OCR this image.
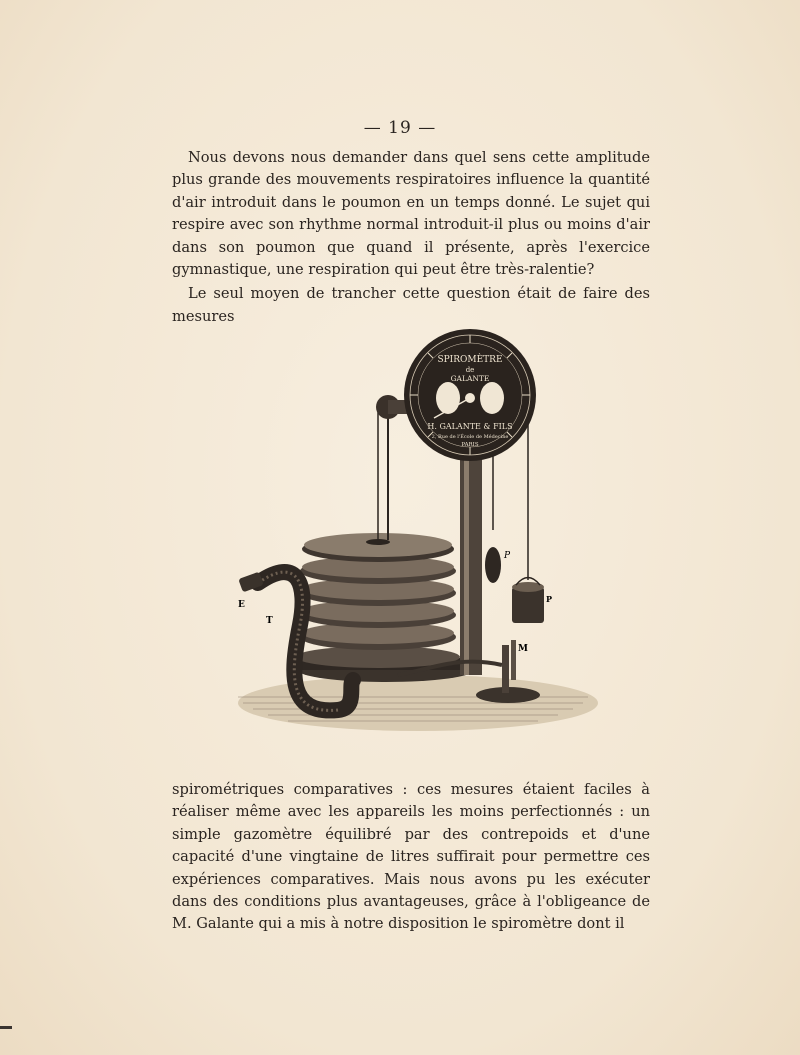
— 19 —

Nous devons nous demander dans quel sens cette amplitude plus grande des mouvements respiratoires influence la quantité d'air introduit dans le poumon en un temps donné. Le sujet qui respire avec son rhythme normal introduit-il plus ou moins d'air dans son poumon que quand il présente, après l'exercice gymnastique, une respiration qui peut être très-ralentie?

Le seul moyen de trancher cette question était de faire des mesures

SPIROMÈTRE
de
GALANTE
H. GALANTE & FILS
2, Rue de l'École de Médecine
PARIS
E
T
P
P
M

spirométriques comparatives : ces mesures étaient faciles à réaliser même avec les appareils les moins perfectionnés : un simple gazomètre équilibré par des contrepoids et d'une capacité d'une vingtaine de litres suffirait pour permettre ces expériences comparatives. Mais nous avons pu les exécuter dans des conditions plus avantageuses, grâce à l'obligeance de M. Galante qui a mis à notre disposition le spiromètre dont il
